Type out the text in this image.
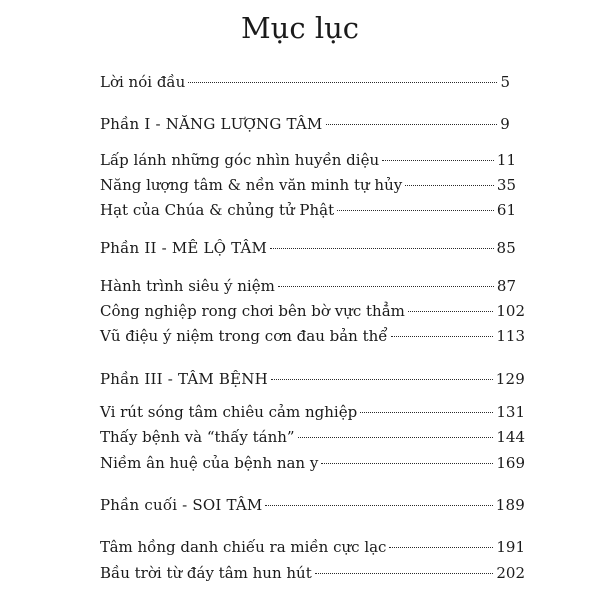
Mục lục
Lời nói đầu	5
Phần I - NĂNG LƯỢNG TÂM	9
Lấp lánh những góc nhìn huyền diệu	11
Năng lượng tâm & nền văn minh tự hủy	35
Hạt của Chúa & chủng tử Phật	61
Phần II - MÊ LỘ TÂM	85
Hành trình siêu ý niệm	87
Công nghiệp rong chơi bên bờ vực thẳm	102
Vũ điệu ý niệm trong cơn đau bản thể	113
Phần III - TÂM BỆNH	129
Vi rút sóng tâm chiêu cảm nghiệp	131
Thấy bệnh và “thấy tánh”	144
Niềm ân huệ của bệnh nan y	169
Phần cuối - SOI TÂM	189
Tâm hồng danh chiếu ra miền cực lạc	191
Bầu trời từ đáy tâm hun hút	202
